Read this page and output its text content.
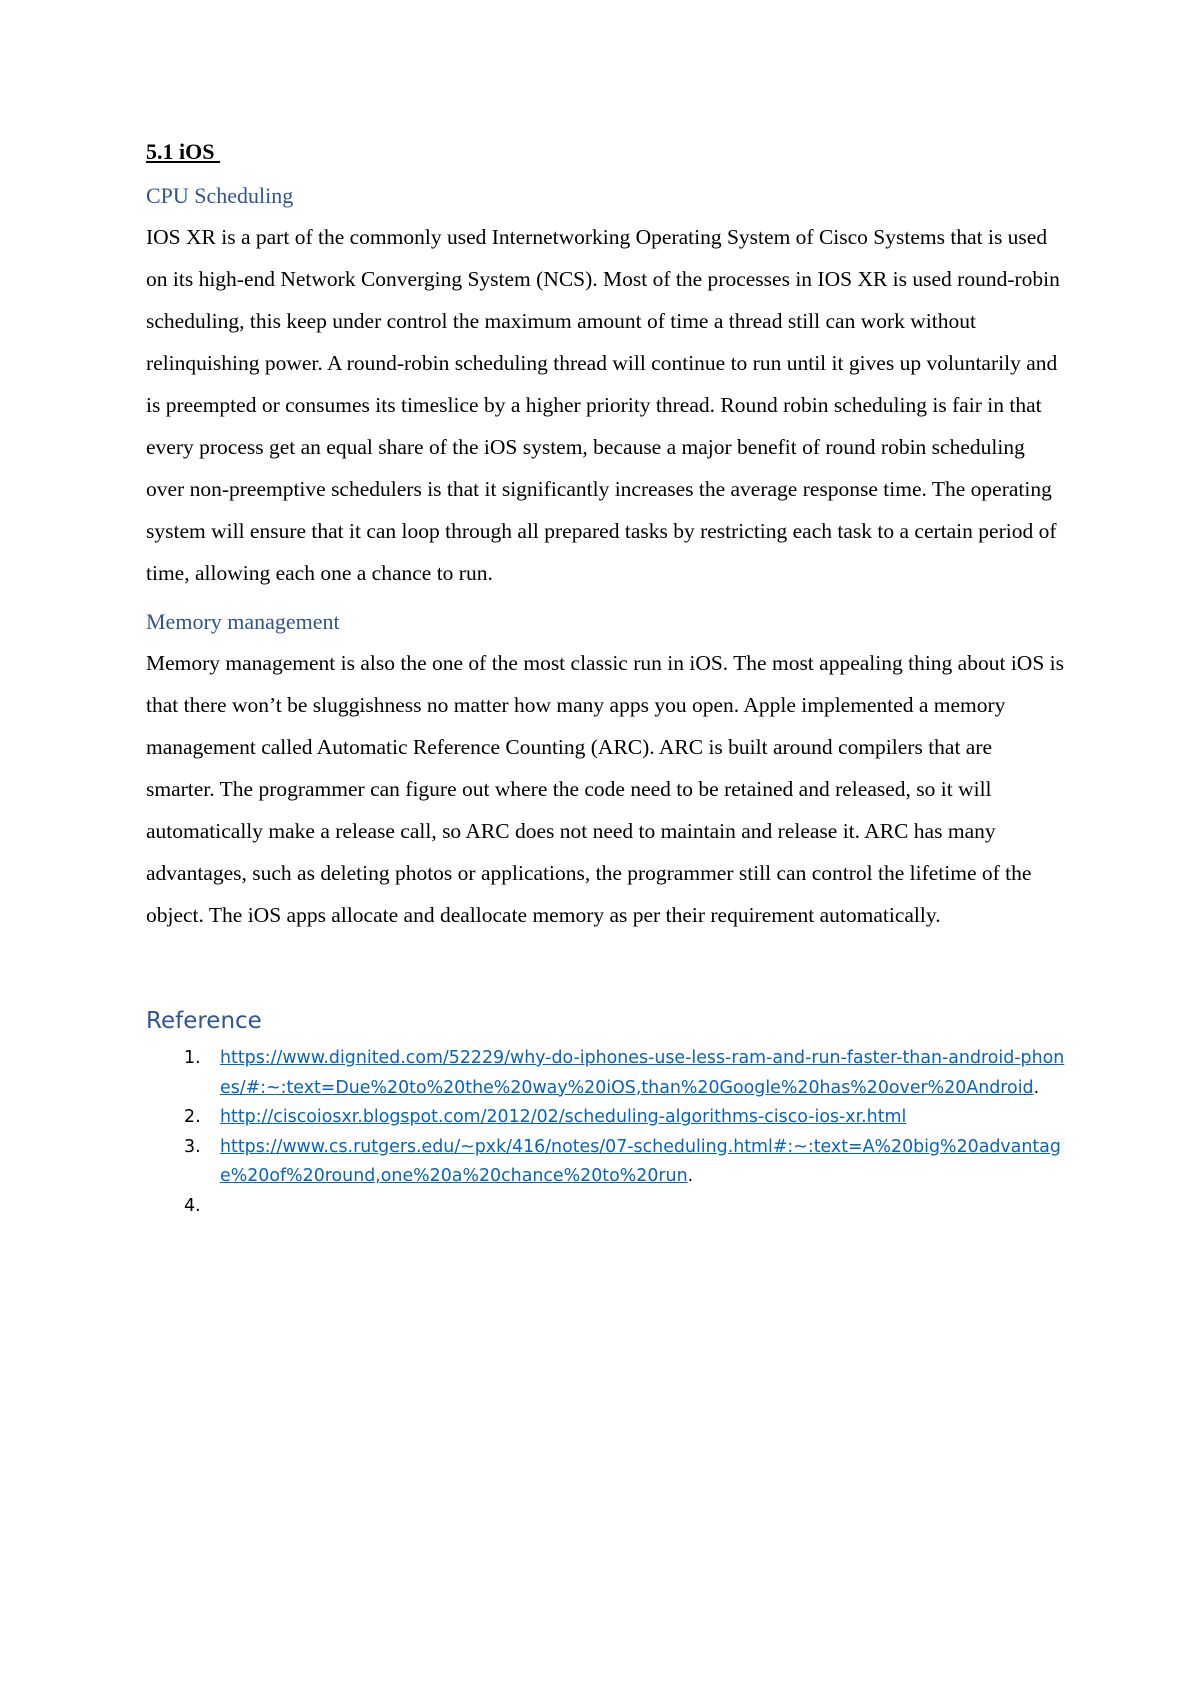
5.1 iOS
CPU Scheduling

IOS XR is a part of the commonly used Internetworking Operating System of Cisco Systems that is used on its high-end Network Converging System (NCS). Most of the processes in IOS XR is used round-robin scheduling, this keep under control the maximum amount of time a thread still can work without relinquishing power. A round-robin scheduling thread will continue to run until it gives up voluntarily and is preempted or consumes its timeslice by a higher priority thread. Round robin scheduling is fair in that every process get an equal share of the iOS system, because a major benefit of round robin scheduling over non-preemptive schedulers is that it significantly increases the average response time. The operating system will ensure that it can loop through all prepared tasks by restricting each task to a certain period of time, allowing each one a chance to run.

Memory management

Memory management is also the one of the most classic run in iOS. The most appealing thing about iOS is that there won’t be sluggishness no matter how many apps you open. Apple implemented a memory management called Automatic Reference Counting (ARC). ARC is built around compilers that are smarter. The programmer can figure out where the code need to be retained and released, so it will automatically make a release call, so ARC does not need to maintain and release it. ARC has many advantages, such as deleting photos or applications, the programmer still can control the lifetime of the object. The iOS apps allocate and deallocate memory as per their requirement automatically.

Reference
1. https://www.dignited.com/52229/why-do-iphones-use-less-ram-and-run-faster-than-android-phones/#:~:text=Due%20to%20the%20way%20iOS,than%20Google%20has%20over%20Android.
2. http://ciscoiosxr.blogspot.com/2012/02/scheduling-algorithms-cisco-ios-xr.html
3. https://www.cs.rutgers.edu/~pxk/416/notes/07-scheduling.html#:~:text=A%20big%20advantage%20of%20round,one%20a%20chance%20to%20run.
4.
